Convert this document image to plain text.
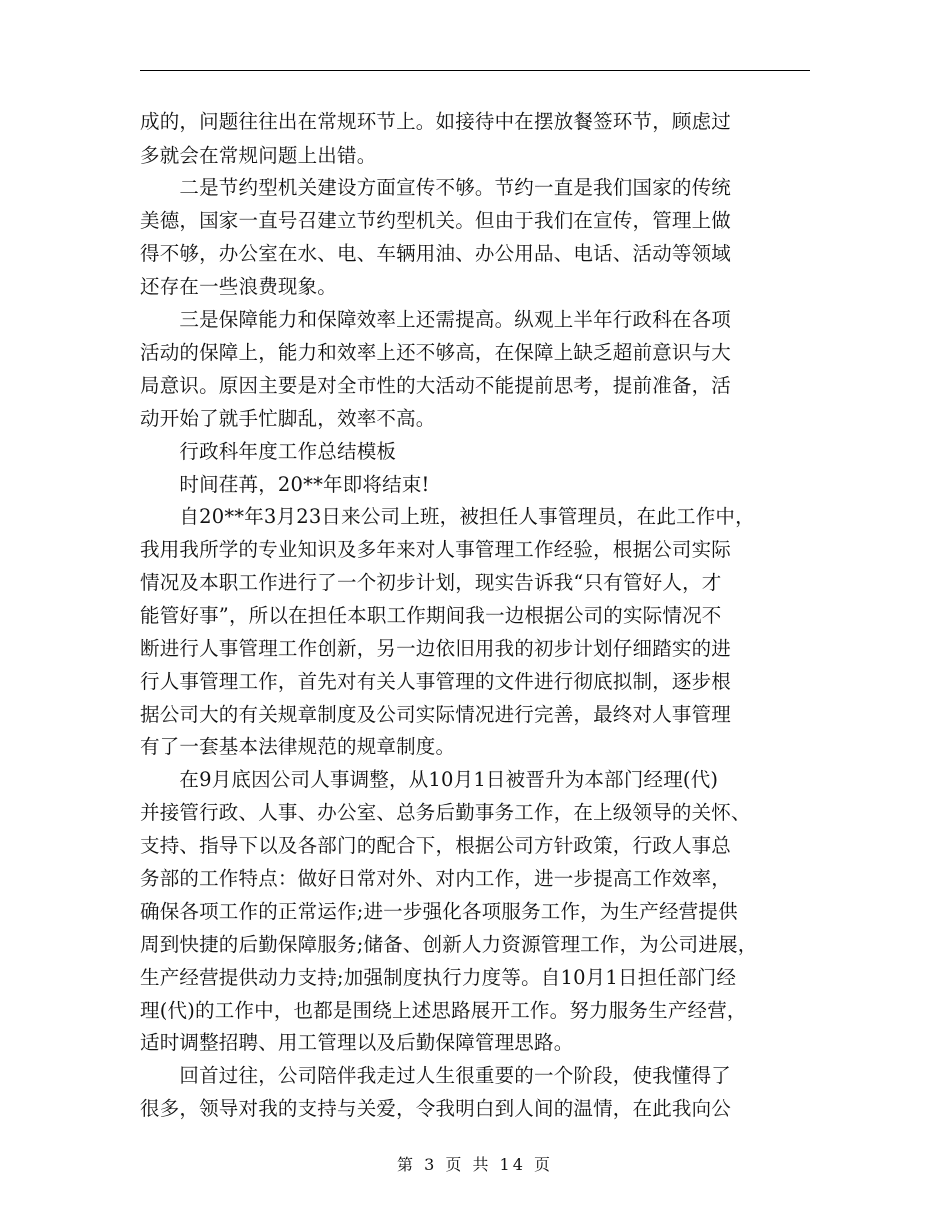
成的，问题往往出在常规环节上。如接待中在摆放餐签环节，顾虑过
多就会在常规问题上出错。
　　二是节约型机关建设方面宣传不够。节约一直是我们国家的传统
美德，国家一直号召建立节约型机关。但由于我们在宣传，管理上做
得不够，办公室在水、电、车辆用油、办公用品、电话、活动等领域
还存在一些浪费现象。
　　三是保障能力和保障效率上还需提高。纵观上半年行政科在各项
活动的保障上，能力和效率上还不够高，在保障上缺乏超前意识与大
局意识。原因主要是对全市性的大活动不能提前思考，提前准备，活
动开始了就手忙脚乱，效率不高。
　　行政科年度工作总结模板
　　时间荏苒，20**年即将结束!
　　自20**年3月23日来公司上班，被担任人事管理员，在此工作中，
我用我所学的专业知识及多年来对人事管理工作经验，根据公司实际
情况及本职工作进行了一个初步计划，现实告诉我“只有管好人，才
能管好事”，所以在担任本职工作期间我一边根据公司的实际情况不
断进行人事管理工作创新，另一边依旧用我的初步计划仔细踏实的进
行人事管理工作，首先对有关人事管理的文件进行彻底拟制，逐步根
据公司大的有关规章制度及公司实际情况进行完善，最终对人事管理
有了一套基本法律规范的规章制度。
　　在9月底因公司人事调整，从10月1日被晋升为本部门经理(代)
并接管行政、人事、办公室、总务后勤事务工作，在上级领导的关怀、
支持、指导下以及各部门的配合下，根据公司方针政策，行政人事总
务部的工作特点：做好日常对外、对内工作，进一步提高工作效率，
确保各项工作的正常运作;进一步强化各项服务工作，为生产经营提供
周到快捷的后勤保障服务;储备、创新人力资源管理工作，为公司进展，
生产经营提供动力支持;加强制度执行力度等。自10月1日担任部门经
理(代)的工作中，也都是围绕上述思路展开工作。努力服务生产经营，
适时调整招聘、用工管理以及后勤保障管理思路。
　　回首过往，公司陪伴我走过人生很重要的一个阶段，使我懂得了
很多，领导对我的支持与关爱，令我明白到人间的温情，在此我向公
第 3 页 共 14 页
